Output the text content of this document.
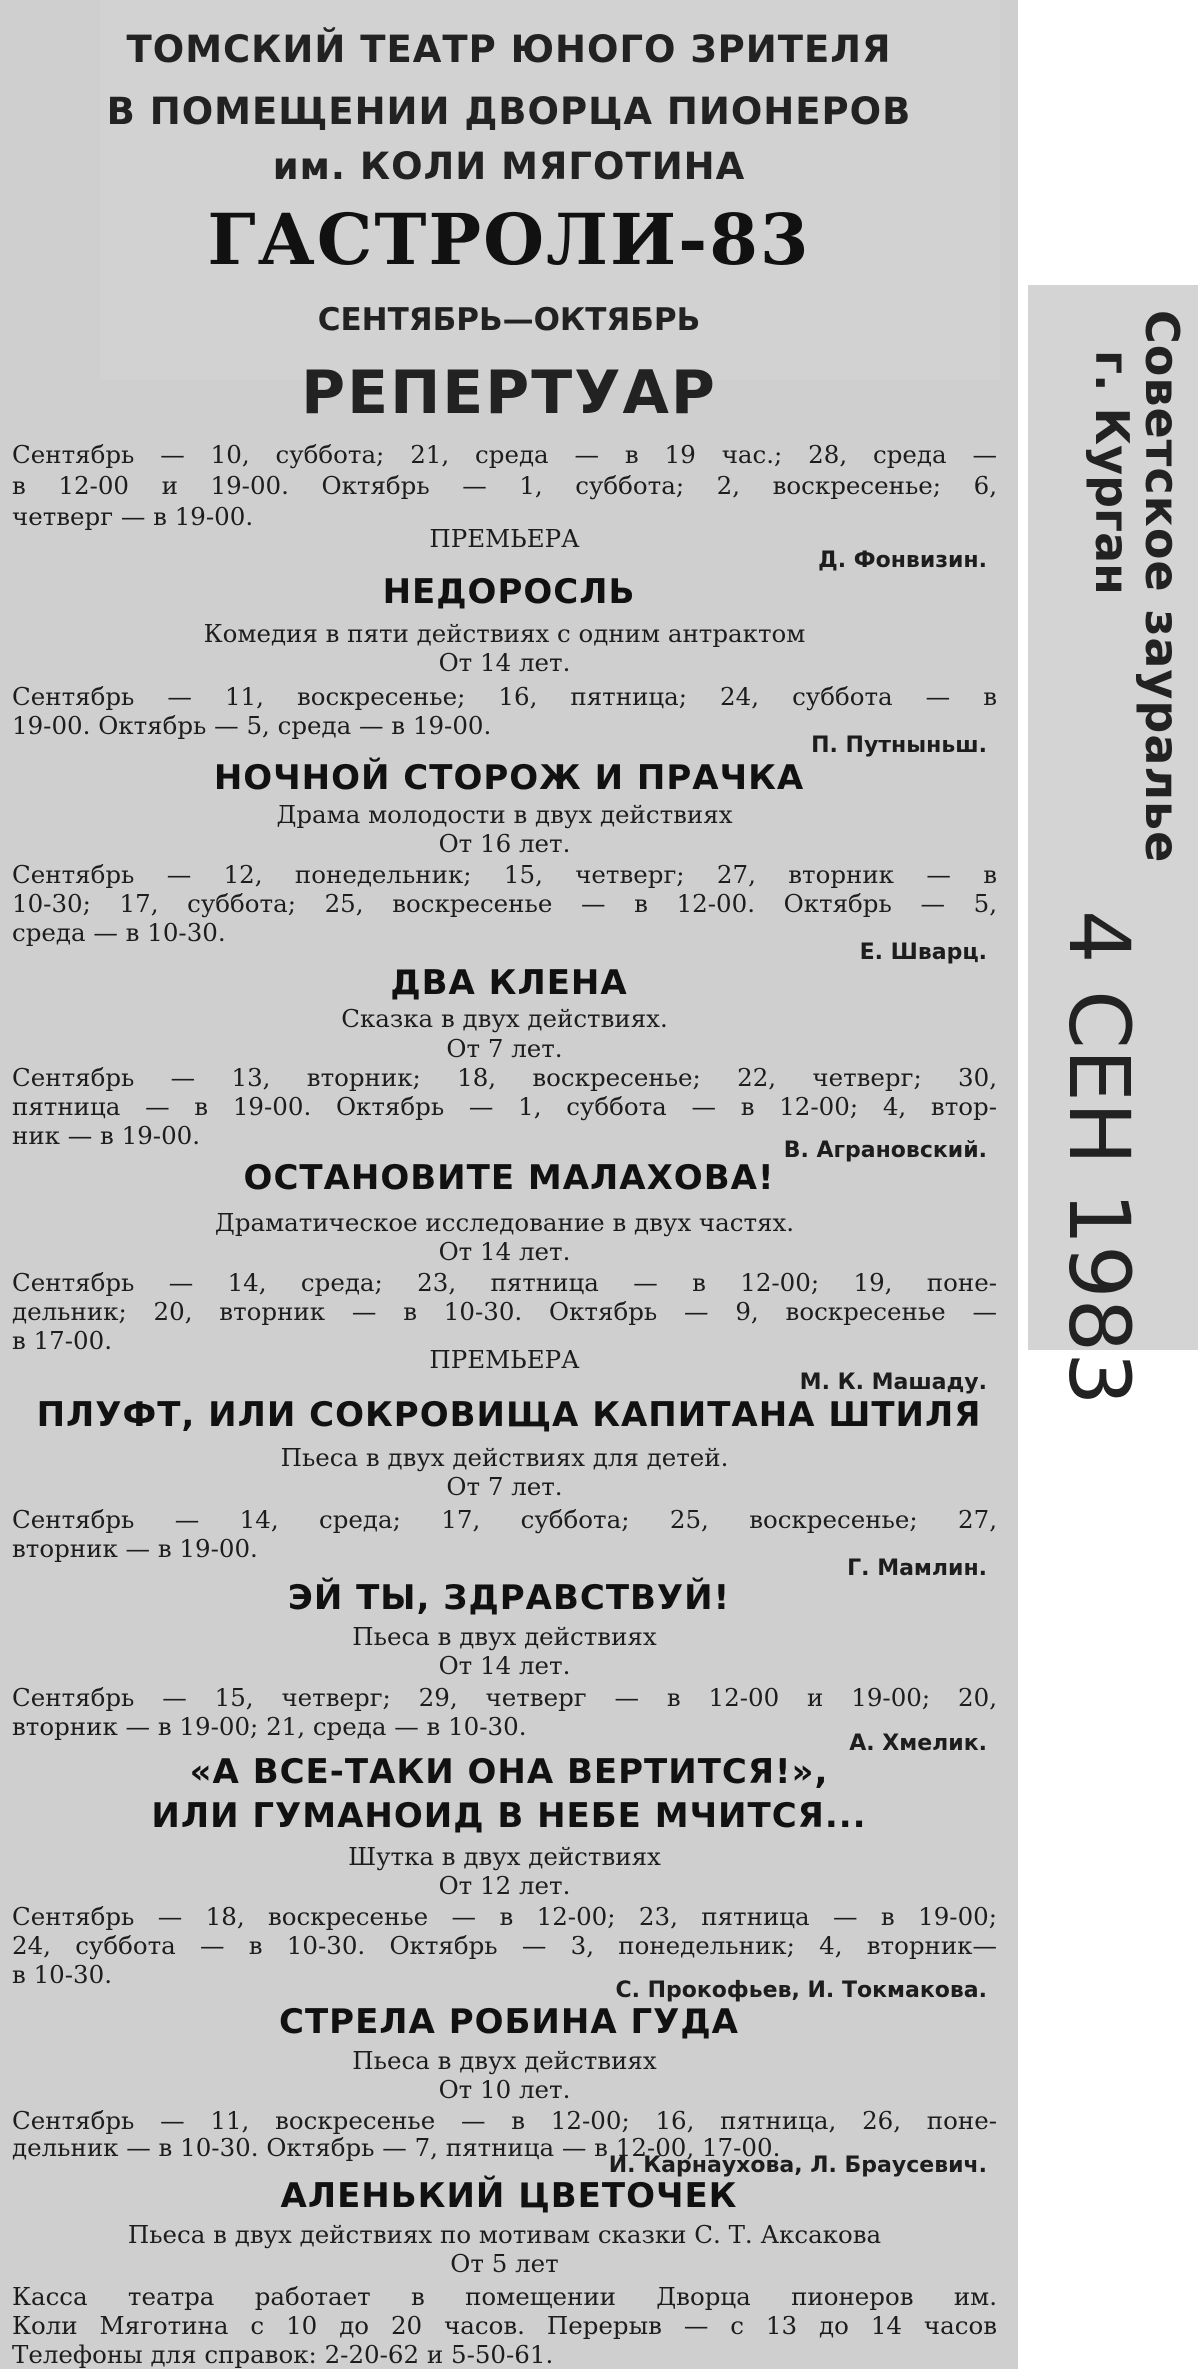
Советское зауралье
г. Курган
4 СЕН 1983
ТОМСКИЙ ТЕАТР ЮНОГО ЗРИТЕЛЯ
В ПОМЕЩЕНИИ ДВОРЦА ПИОНЕРОВ
им. КОЛИ МЯГОТИНА
ГАСТРОЛИ-83
СЕНТЯБРЬ—ОКТЯБРЬ
РЕПЕРТУАР
Сентябрь — 10, суббота; 21, среда — в 19 час.; 28, среда —
в 12-00 и 19-00. Октябрь — 1, суббота; 2, воскресенье; 6,
четверг — в 19-00.
ПРЕМЬЕРА
Д. Фонвизин.
НЕДОРОСЛЬ
Комедия в пяти действиях с одним антрактом
От 14 лет.
Сентябрь — 11, воскресенье; 16, пятница; 24, суббота — в
19-00. Октябрь — 5, среда — в 19-00.
П. Путныньш.
НОЧНОЙ СТОРОЖ И ПРАЧКА
Драма молодости в двух действиях
От 16 лет.
Сентябрь — 12, понедельник; 15, четверг; 27, вторник — в
10-30; 17, суббота; 25, воскресенье — в 12-00. Октябрь — 5,
среда — в 10-30.
Е. Шварц.
ДВА КЛЕНА
Сказка в двух действиях.
От 7 лет.
Сентябрь — 13, вторник; 18, воскресенье; 22, четверг; 30,
пятница — в 19-00. Октябрь — 1, суббота — в 12-00; 4, втор-
ник — в 19-00.
В. Аграновский.
ОСТАНОВИТЕ МАЛАХОВА!
Драматическое исследование в двух частях.
От 14 лет.
Сентябрь — 14, среда; 23, пятница — в 12-00; 19, поне-
дельник; 20, вторник — в 10-30. Октябрь — 9, воскресенье —
в 17-00.
ПРЕМЬЕРА
М. К. Машаду.
ПЛУФТ, ИЛИ СОКРОВИЩА КАПИТАНА ШТИЛЯ
Пьеса в двух действиях для детей.
От 7 лет.
Сентябрь — 14, среда; 17, суббота; 25, воскресенье; 27,
вторник — в 19-00.
Г. Мамлин.
ЭЙ ТЫ, ЗДРАВСТВУЙ!
Пьеса в двух действиях
От 14 лет.
Сентябрь — 15, четверг; 29, четверг — в 12-00 и 19-00; 20,
вторник — в 19-00; 21, среда — в 10-30.
А. Хмелик.
«А ВСЕ-ТАКИ ОНА ВЕРТИТСЯ!»,
ИЛИ ГУМАНОИД В НЕБЕ МЧИТСЯ...
Шутка в двух действиях
От 12 лет.
Сентябрь — 18, воскресенье — в 12-00; 23, пятница — в 19-00;
24, суббота — в 10-30. Октябрь — 3, понедельник; 4, вторник—
в 10-30.
С. Прокофьев, И. Токмакова.
СТРЕЛА РОБИНА ГУДА
Пьеса в двух действиях
От 10 лет.
Сентябрь — 11, воскресенье — в 12-00; 16, пятница, 26, поне-
дельник — в 10-30. Октябрь — 7, пятница — в 12-00, 17-00.
И. Карнаухова, Л. Браусевич.
АЛЕНЬКИЙ ЦВЕТОЧЕК
Пьеса в двух действиях по мотивам сказки С. Т. Аксакова
От 5 лет
Касса театра работает в помещении Дворца пионеров им.
Коли Мяготина с 10 до 20 часов. Перерыв — с 13 до 14 часов
Телефоны для справок: 2-20-62 и 5-50-61.
